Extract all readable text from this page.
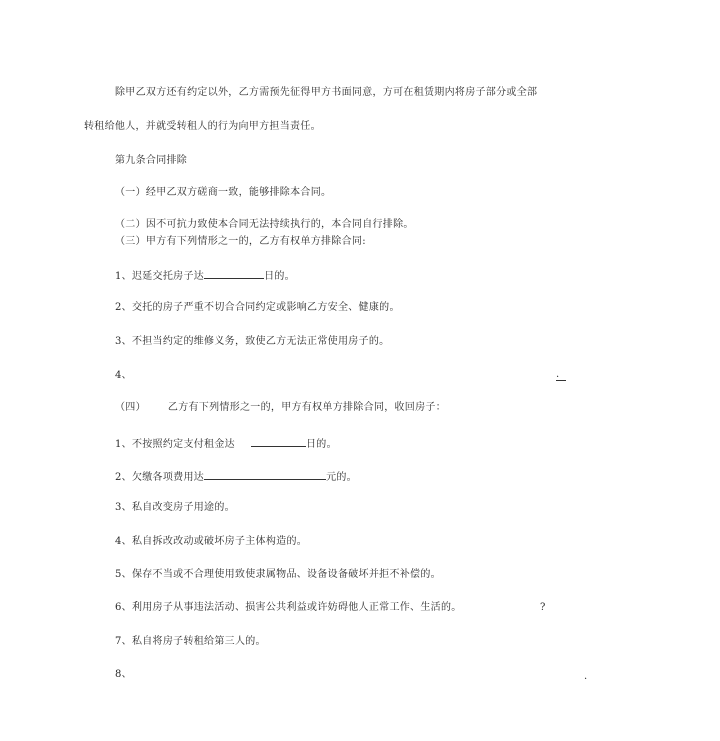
除甲乙双方还有约定以外，乙方需预先征得甲方书面同意，方可在租赁期内将房子部分或全部
转租给他人，并就受转租人的行为向甲方担当责任。
第九条合同排除
（一）经甲乙双方磋商一致，能够排除本合同。
（二）因不可抗力致使本合同无法持续执行的，本合同自行排除。
（三）甲方有下列情形之一的，乙方有权单方排除合同:
1、迟延交托房子达	日的。
2、交托的房子严重不切合合同约定或影响乙方安全、健康的。
3、不担当约定的维修义务，致使乙方无法正常使用房子的。
4、	.
（四） 乙方有下列情形之一的，甲方有权单方排除合同，收回房子：
1、不按照约定支付租金达	日的。
2、欠缴各项费用达	元的。
3、私自改变房子用途的。
4、私自拆改改动或破坏房子主体构造的。
5、保存不当或不合理使用致使隶属物品、设备设备破坏并拒不补偿的。
6、利用房子从事违法活动、损害公共利益或许妨碍他人正常工作、生活的。	?
7、私自将房子转租给第三人的。
8、	.
